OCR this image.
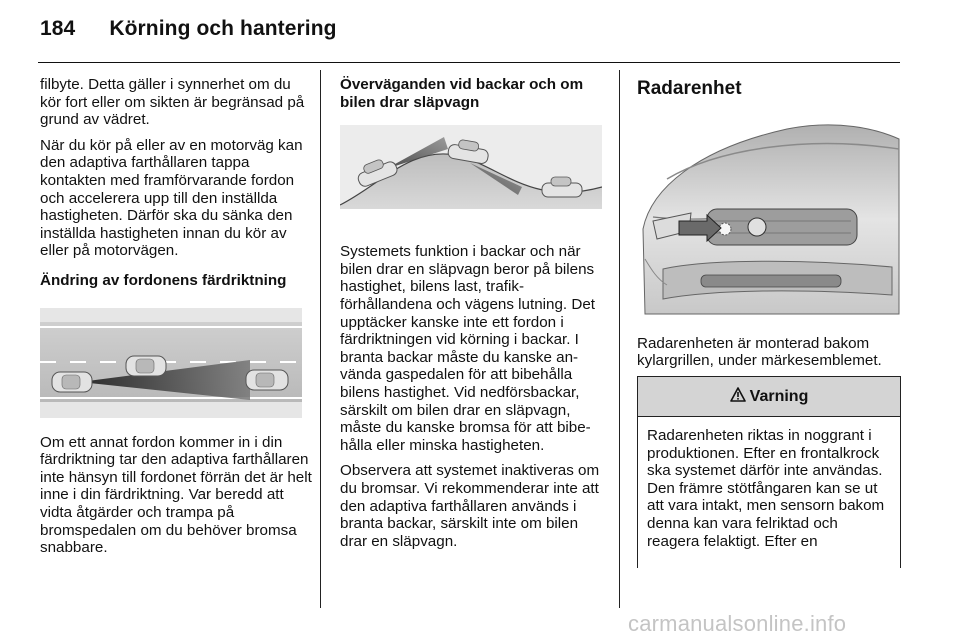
184 Körning och hantering

filbyte. Detta gäller i synnerhet om du kör fort eller om sikten är begränsad på grund av vädret.

När du kör på eller av en motorväg kan den adaptiva farthållaren tappa kontakten med framförvarande fordon och accelerera upp till den inställda hastigheten. Därför ska du sänka den inställda hastigheten innan du kör av eller på motorvägen.

Ändring av fordonens färdriktning

Om ett annat fordon kommer in i din färdriktning tar den adaptiva farthållaren inte hänsyn till fordonet förrän det är helt inne i din färdriktning. Var beredd att vidta åtgärder och trampa på bromspedalen om du behöver bromsa snabbare.

Överväganden vid backar och om bilen drar släpvagn

Systemets funktion i backar och när bilen drar en släpvagn beror på bilens hastighet, bilens last, trafikförhållandena och vägens lutning. Det upptäcker kanske inte ett fordon i färdriktningen vid körning i backar. I branta backar måste du kanske använda gaspedalen för att bibehålla bilens hastighet. Vid nedförsbackar, särskilt om bilen drar en släpvagn, måste du kanske bromsa för att bibehålla eller minska hastigheten.

Observera att systemet inaktiveras om du bromsar. Vi rekommenderar inte att den adaptiva farthållaren används i branta backar, särskilt inte om bilen drar en släpvagn.

Radarenhet

Radarenheten är monterad bakom kylargrillen, under märkesemblemet.

Varning
Radarenheten riktas in noggrant i produktionen. Efter en frontalkrock ska systemet därför inte användas. Den främre stötfångaren kan se ut att vara intakt, men sensorn bakom denna kan vara felriktad och reagera felaktigt. Efter en
carmanualsonline.info
